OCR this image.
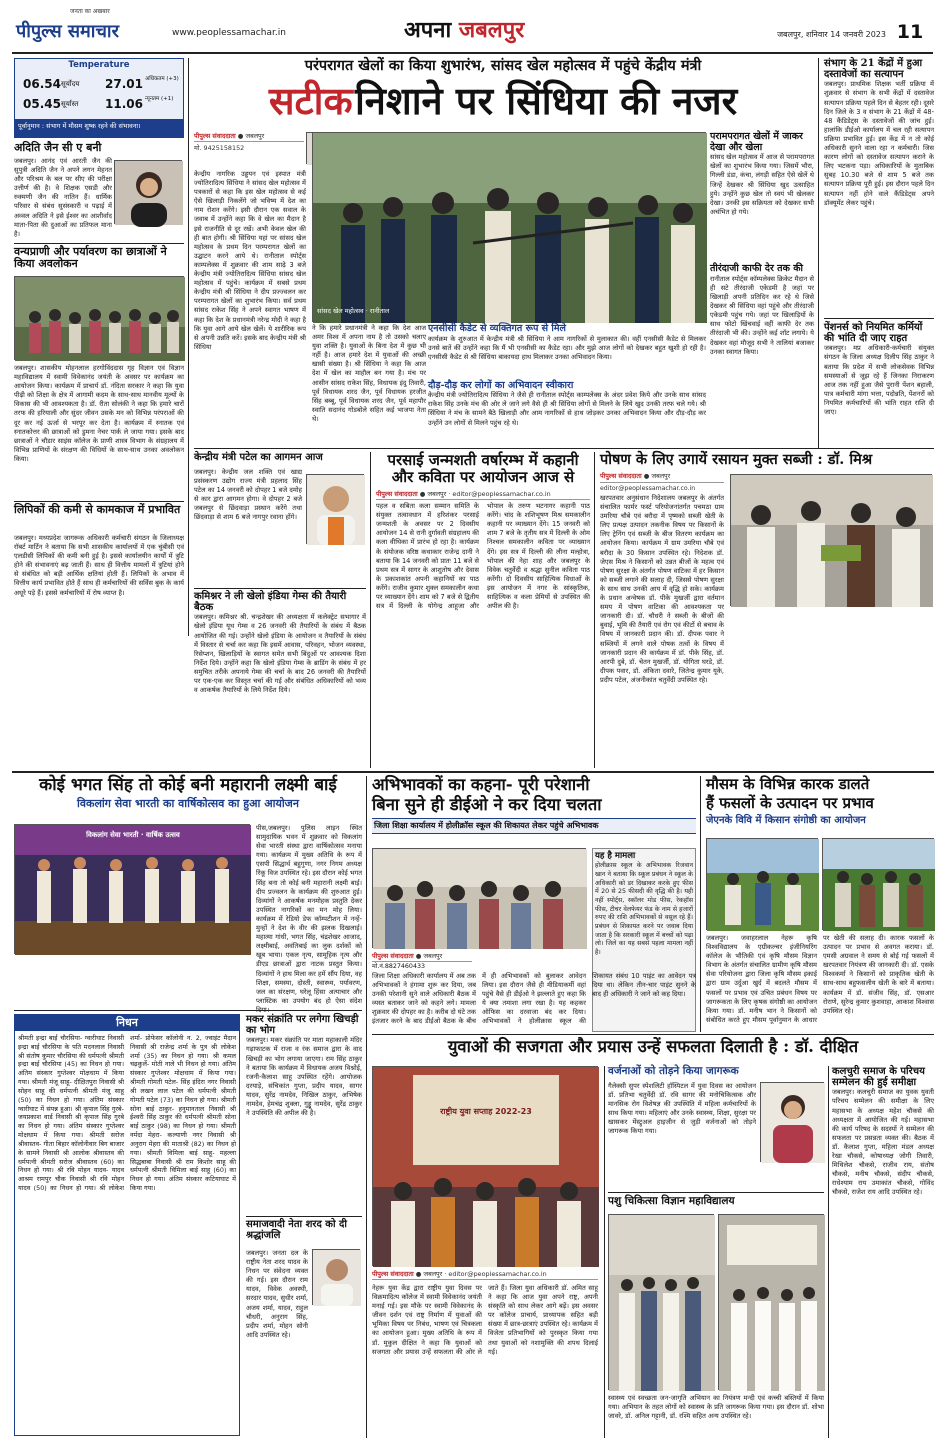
पीपुल्स समाचार
जनता का अखबार
www.peoplessamachar.in	अपना जबलपुर	जबलपुर, शनिवार 14 जनवरी 2023 11
Temperature
06.54 सूर्योदय
05.45 सूर्यास्त
27.01 अधिकतम (+3)
11.06 न्यूनतम (+1)
पूर्वानुमान : संभाग में मौसम शुष्क रहने की संभावना।
अदिति जैन सी ए बनी
जबलपुर। आनंद एवं आरती जैन की सुपुत्री अदिति जैन ने अपने लगन मेहनत और परिश्रम के बल पर सीए की परीक्षा उत्तीर्ण की है। वे शिक्षक एसडी और रुक्मणी जैन की नातिन हैं। धार्मिक परिवार से संबंध सुसंस्कारी व पढ़ाई में अव्वल अदिति ने इसे ईश्वर का आशीर्वाद माता-पिता की दुआओं का प्रतिफल माना है।
वन्यप्राणी और पर्यावरण का छात्राओं ने किया अवलोकन
जबलपुर। शासकीय मोहनलाल हरगोविंददास गृह विज्ञान एवं विज्ञान महाविद्यालय में स्वामी विवेकानंद जयंती के अवसर पर कार्यक्रम का आयोजन किया। कार्यक्रम में प्राचार्य डॉ. नंदिता सरकार ने कहा कि युवा पीढ़ी को शिक्षा के क्षेत्र में आगामी कदम के साथ-साथ मानवीय मूल्यों के विकास की भी आवश्यकता है। डॉ. रीता सोलंकी ने कहा कि हमारे चारों तरफ की हरियाली और सुंदर जीवन उसके मन को विभिन्न परंपराओं की दूर कर नई ऊर्जा से भरपूर कर देता है। कार्यक्रम में स्नातक एवं स्नातकोत्तर की छात्राओं को डुमना नेचर पार्क ले जाया गया। इसके बाद छात्राओं ने चौडार साइंस कॉलेज के प्राणी शास्त्र विभाग के संग्रहालय में विभिन्न प्राणियों के संरक्षण की विधियों के साथ-साथ उनका अवलोकन किया।
लिपिकों की कमी से कामकाज में प्रभावित
जबलपुर। मध्यप्रदेश जागरूक अधिकारी कर्मचारी संगठन के जिलाध्यक्ष रॉबर्ट मार्टिन ने बताया कि सभी शासकीय कार्यालयों में एक चुंबीसी एवं एलडीसी लिपिकों की कमी बनी हुई है। इससे कार्यालयीन कार्यों में त्रुटि होने की संभावनाएं बढ़ जाती हैं। साथ ही वित्तीय मामलों में त्रुटियां होने से संबंधित को बड़ी आर्थिक क्षतियां होती हैं। लिपिकों के अभाव में वित्तीय कार्य प्रभावित होते हैं साथ ही कर्मचारियों की सर्विस बुक के कार्य अधूरे पड़े हैं। इससे कर्मचारियों में रोष व्याप्त है।
परंपरागत खेलों का किया शुभारंभ, सांसद खेल महोत्सव में पहुंचे केंद्रीय मंत्री
सटीक निशाने पर सिंधिया की नजर
पीपुल्स संवाददाता ● जबलपुर
मो. 9425158152
केन्द्रीय नागरिक उड्डयन एवं इस्पात मंत्री ज्योतिरादित्य सिंधिया ने सांसद खेल महोत्सव में पत्रकारों से कहा कि इस खेल महोत्सव से कई ऐसे खिलाड़ी निकलेंगे जो भविष्य में देश का नाम रोशन करेंगे। इसी दौरान एक सवाल के जवाब में उन्होंने कहा कि वे खेल का मैदान है इसे राजनीति से दूर रखें। अभी केवल खेल की ही बात होगी। श्री सिंधिया यहां पर सांसद खेल महोत्सव के प्रथम दिन परम्परागत खेलों का उद्घाटन करने आये थे। रानीताल स्पोर्ट्स काम्पलेक्स में शुक्रवार की शाम साढ़े 3 बजे केन्द्रीय मंत्री ज्योतिरादित्य सिंधिया सांसद खेल महोत्सव में पहुंचे। कार्यक्रम में सबसे प्रथम केन्द्रीय मंत्री श्री सिंधिया ने दीप प्रज्ज्वलन कर परम्परागत खेलों का शुभारंभ किया। सर्व प्रथम सांसद राकेश सिंह ने अपने स्वागत भाषण में कहा कि देश के प्रधानमंत्री नरेन्द्र मोदी ने कहा है कि युवा आगे आये खेल खेलें। ये शारीरिक रूप से अपनी उन्नति करें। इसके बाद केन्द्रीय मंत्री श्री सिंधिया
ने कि हमारे प्रधानमंत्री ने कहा कि देश आज अमर विश्व में अपना नाम है तो उसको चलाए युवा शक्ति है। युवाओं के बिना देश में कुछ भी नहीं है। आज हमारे देश में युवाओं की अच्छी खासी संख्या है। श्री सिंधिया ने कहा कि आज देश में खेल का माहौल बन गया है। मंच पर आसीन सांसद राकेश सिंह, विधायक इंदु तिवारी, पूर्व विधायक शरद जैन, पूर्व विधायक हरजीत सिंह बब्बू, पूर्व विधायक शरद जैन, पूर्व महापौर स्वाति सदानंद गोडबोले सहित कई भाजपा नेता थे।
सांसद खेल महोत्सव · रानीताल
एनसीसी कैडेट से व्यक्तिगत रूप से मिले
कार्यक्रम के शुरुआत में केन्द्रीय मंत्री श्री सिंधिया ने आम नागरिकों से मुलाकात की। वहीं एनसीसी कैडेट से मिलकर उनसे बातें कीं उन्होंने कहा कि मैं भी एनसीसी का कैडेट रहा। और मुझे आज लोगों को देखकर बहुत खुशी हो रही है। एनसीसी कैडेट से श्री सिंधिया बाकायदा हाथ मिलाकर उनका अभिवादन किया।
दौड़-दौड़ कर लोगों का अभिवादन स्वीकारा
केन्द्रीय मंत्री ज्योतिरादित्य सिंधिया ने जैसे ही रानीताल स्पोर्ट्स काम्पलेक्स के अंदर प्रवेश किये और उनके साथ सांसद राकेश सिंह उनके मंच की ओर ले जाने लगे वैसे ही श्री सिंधिया लोगों से मिलने के लिये खुद उनकी तरफ चले गये। श्री सिंधिया ने मंच के सामने बैठे खिलाड़ी और आम नागरिकों से हाथ जोड़कर उनका अभिवादन किया और दौड़-दौड़ कर उन्होंने उन लोगों से मिलने पहुंच रहे थे।
परामपरागत खेलों में जाकर देखा और खेला
सांसद खेल महोत्सव में आज से परामपरागत खेलों का शुभारंभ किया गया। जिसमें भौरा, गिल्ली डंडा, कंचा, लंगड़ी सहित ऐसे खेलें थे जिन्हें देखकर श्री सिंधिया खुद उत्साहित हुये। उन्होंने कुछ खेल तो स्वयं भी खेलकर देखा। उनकी इस सक्रियता को देखकर सभी अचंभित हो गये।
तीरंदाजी काफी देर तक की
रानीताल स्पोर्ट्स कॉम्पलेक्स क्रिकेट मैदान से ही सटे तीरंदाजी एकेडमी है जहां पर खिलाड़ी अपनी प्रतिदिन कर रहे थे जिसे देखकर श्री सिंधिया वहां पहुंचे और तीरंदाजी एकेडमी पहुंच गये। जहां पर खिलाड़ियों के साथ फोटो खिंचवाई वहीं काफी देर तक तीरंदाजी भी की। उन्होंने कई शॉट लगाये। ये देखकर वहां मौजूद सभी ने तालियां बजाकर उनका स्वागत किया।
संभाग के 21 केंद्रों में हुआ दस्तावेजों का सत्यापन
जबलपुर। प्राथमिक शिक्षक भर्ती प्रक्रिया में शुक्रवार से संभाग के सभी केंद्रों में दस्तावेज सत्यापन प्रक्रिया पहले दिन से बेहतर रही। दूसरे दिन जिले के 3 व संभाग के 21 केंद्रों में 48-48 कैंडिडेट्स के दस्तावेजों की जांच हुई। हालांकि डीईओ कार्यालय में चल रही सत्यापन प्रक्रिया प्रभावित हुई। इस केंद्र में न तो कोई अधिकारी सुनने वाला रहा न कर्मचारी। जिस कारण लोगों को दस्तावेज सत्यापन कराने के लिए भटकना पड़ा। अधिकारियों के मुताबिक सुबह 10.30 बजे से शाम 5 बजे तक सत्यापन प्रक्रिया पूरी हुई। इस दौरान पहले दिन सत्यापन नहीं होने वाले कैंडिडेट्स अपने डॉक्यूमेंट लेकर पहुंचे।
पेंशनर्स को नियमित कर्मियों की भांति दी जाए राहत
जबलपुर। मप्र अधिकारी-कर्मचारी संयुक्त संगठन के जिला अध्यक्ष दिलीप सिंह ठाकुर ने बताया कि प्रदेश में सभी लोकसेवक विभिन्न समस्याओं से जूझ रहे हैं जिनका निराकरण आज तक नहीं हुआ जैसे पुरानी पेंशन बहाली, पात्र कर्मचारी मांगा भत्ता, पदोन्नति, पेंशनरों को नियमित कर्मचारियों की भांति राहत राशि दी जाए।
केन्द्रीय मंत्री पटेल का आगमन आज
जबलपुर। केन्द्रीय जल शक्ति एवं खाद्य प्रसंस्करण उद्योग राज्य मंत्री प्रहलाद सिंह पटेल का 14 जनवरी को दोपहर 1 बजे दमोह से कार द्वारा आगमन होगा। वे दोपहर 2 बजे जबलपुर से छिंदवाड़ा प्रस्थान करेंगे तथा छिंदवाड़ा से शाम 6 बजे नागपुर रवाना होंगे।
कमिश्नर ने ली खेलो इंडिया गेम्स की तैयारी बैठक
जबलपुर। कमिश्नर श्री. चन्द्रशेखर की अध्यक्षता में कलेक्ट्रेट सभागार में खेलो इंडिया यूथ गेम्स व 26 जनवरी की तैयारियों के संबंध में बैठक आयोजित की गई। उन्होंने खेलो इंडिया के आयोजन व तैयारियों के संबंध में विस्तार से चर्चा कर कहा कि इसमें आवास, परिवहन, भोजन व्यवस्था, रिसेप्शन, खिलाड़ियों के स्वागत समेत सभी बिंदुओं पर आवश्यक दिशा निर्देश दिये। उन्होंने कहा कि खेलो इंडिया गेम्स के ब्राडिंग के संबंध में हर समुचित तरीके अपनाये गेम्स की चर्चा के बाद 26 जनवरी की तैयारियों पर एक-एक कर विस्तृत चर्चा की गई और संबंधित अधिकारियों को भव्य व आकर्षक तैयारियों के लिये निर्देश दिये।
परसाई जन्मशती वर्षारम्भ में कहानी और कविता पर आयोजन आज से
पीपुल्स संवाददाता ● जबलपुर · editor@peoplessamachar.co.in
पहल व सबिता कला सम्मान समिति के संयुक्त तत्वावधान में हरिशंकर परसाई जन्मशती के अवसर पर 2 दिवसीय आयोजन 14 से रानी दुर्गावती संग्रहालय की कला वीथिका में प्रारंभ हो रहा है। कार्यक्रम के संयोजक वरिष्ठ कथाकार राजेन्द्र दानी ने बताया कि 14 जनवरी को प्रातः 11 बजे से प्रथम सत्र में सागर के आशुतोष और देवास के प्रकाशकांत अपनी कहानियों का पाठ करेंगे। राजीव कुमार शुक्ल समकालीन कथा पर व्याख्यान देंगे। शाम को 7 बजे से द्वितीय सत्र में दिल्ली के योगेन्द्र आहूजा और भोपाल के तरुण भटनागर कहानी पाठ करेंगे। चांद के शशिभूषण मिश्र समकालीन कहानी पर व्याख्यान देंगे। 15 जनवरी को शाम 7 बजे के तृतीय सत्र में दिल्ली के ओम निश्चल समकालीन कविता पर व्याख्यान देंगे। इस सत्र में दिल्ली की लीना मल्होत्रा, भोपाल की नेहा शाह और जबलपुर के विवेक चतुर्वेदी व श्रद्धा सुनील कविता पाठ करेंगी। दो दिवसीय साहित्यिक विधाओं के इस आयोजन में नगर के सांस्कृतिक, साहित्यिक व कला प्रेमियों से उपस्थित की अपील की है।
पोषण के लिए उगायें रसायन मुक्त सब्जी : डॉ. मिश्र
पीपुल्स संवाददाता ● जबलपुर
editor@peoplessamachar.co.in
खरपतवार अनुसंधान निदेशालय जबलपुर के अंतर्गत संचालित फार्मर फर्स्ट परियोजनांतर्गत पचमठा ग्राम उमरिया चौबे एवं बरौदा में पृष्मको सब्जी खेती के लिए प्रत्यक्ष उत्पादन तकनीक विषय पर किसानों के लिए ट्रेनिंग एवं सब्जी के बीज वितरण कार्यक्रम का आयोजन किया। कार्यक्रम में ग्राम उमरिया चौबे एवं बरौदा के 30 किसान उपस्थित रहे। निदेशक डॉ. जेएस मिश्र ने किसानों को उन्नत बीजों के महत्व एवं पोषण सुरक्षा के अंतर्गत पोषण वाटिका में हर किसान को सब्जी लगाने की सलाह दी, जिससे पोषण सुरक्षा के साथ साथ उनकी आय में वृद्धि हो सके। कार्यक्रम के प्रधान अन्वेषक डॉ. पीके मुखर्जी द्वारा वर्तमान समय में पोषण वाटिका की आवश्यकता पर जानकारी दी। डॉ. चौधरी ने सब्जी के बीजों की बुवाई, भूमि की तैयारी एवं रोग एवं कीटों से बचाव के विषय में जानकारी प्रदान की। डॉ. दीपक पवार ने सब्जियों में लगने वाले पोषक तत्वों के विषय में जानकारी प्रदान की कार्यक्रम में डॉ. पीके सिंह, डॉ. आरपी दुबे, डॉ. चेतन मुखर्जी, डॉ. योगिता घरडे, डॉ. दीपक पवार, डॉ. अंकिता दवारे, जितेन्द्र कुमार यूके, प्रदीप पटेल, अंजनीकांत चतुर्वेदी उपस्थित रहे।
कोई भगत सिंह तो कोई बनी महारानी लक्ष्मी बाई
विकलांग सेवा भारती का वार्षिकोत्सव का हुआ आयोजन
विकलांग सेवा भारती · वार्षिक उत्सव
पीस,जबलपुर। पुलिस लाइन स्थित सामुदायिक भवन में शुक्रवार को विकलांग सेवा भारती संस्था द्वारा वार्षिकोत्सव मनाया गया। कार्यक्रम में मुख्य अतिथि के रूप में एसपी सिद्धार्थ बहुगुणा, नगर निगम अध्यक्ष रिंकू विज उपस्थित रहे। इस दौरान कोई भगत सिंह बना तो कोई बनी महारानी लक्ष्मी बाई। दीप प्रज्वलन के कार्यक्रम की शुरुआत हुई। दिव्यांगों ने आकर्षक मनमोहक प्रस्तुति देकर उपस्थित नागरिकों का मन मोह लिया। कार्यक्रम में रेडियो डेफ कॉम्पटीशन में नन्हें-मुन्हों ने देश के वीर की झलक दिखलाई। महात्मा गांधी, भगत सिंह, चंद्रशेखर आजाद, लक्ष्मीबाई, अवंतिबाई का लुक दर्शकों को खूब भाया। एकल नृत्य, सामूहिक नृत्य और डीएड छात्राओं द्वारा नाटक प्रस्तुत किया। दिव्यांगों ने हाथ मिला कर हमें सौंप दिया, वह शिक्षा, समस्या, दोस्ती, स्वास्थ्य, पर्यावरण, जल का संरक्षण, घरेलू हिंसा अत्याचार और प्लास्टिक का उपयोग बंद हो ऐसा संदेश
निधन
श्रीमती इन्द्रा बाई चौरसिया- ग्वारीघाट निवासी इन्द्रा बाई चौरसिया के पति मदनलाल निवासी श्री संतोष कुमार चौरसिया की धर्मपत्नी श्रीमती इन्द्रा बाई चौरसिया (45) का निधन हो गया। अंतिम संस्कार गुप्तेश्वर मोक्षधाम में किया गया। श्रीमती मंजू साहू- दीक्षितपुरा निवासी श्री सोहन साहू की धर्मपत्नी श्रीमती मंजू साहू (50) का निधन हो गया। अंतिम संस्कार ग्वारीघाट में संपन्न हुआ। श्री कृपाल सिंह गुरबे- जयप्रकाश वार्ड निवासी श्री कृपाल सिंह गुरबे का निधन हो गया। अंतिम संस्कार गुप्तेश्वर मोक्षधाम में किया गया। श्रीमती सरोज श्रीवास्तव- गीता बिहार कॉलोनीवार बिग बाजार के सामने निवासी श्री आलोक श्रीवास्तव की धर्मपत्नी श्रीमती सरोज श्रीवास्तव (60) का निधन हो गया। श्री रवि मोहन यादव- यादव आश्रम रामपुर चौक निवासी श्री रवि मोहन यादव (50) का निधन हो गया। श्री लोकेश शर्मा- प्रोफेसर कॉलोनी न. 2, ज्वाइंट मैदान निवासी श्री राजेन्द्र शर्मा के पुत्र श्री लोकेश शर्मा (35) का निधन हो गया। श्री कमल चढ़कुर्ले- मोती नाले भी निधन हो गया। अंतिम संस्कार गुप्तेश्वर मोक्षधाम में किया गया। श्रीमती गोमती पटेल- सिंह इंदिरा नगर निवासी श्री लखन लाल पटेल की धर्मपत्नी श्रीमती गोमती पटेल (73) का निधन हो गया। श्रीमती सोना बाई ठाकुर- हनुमानताल निवासी श्री ईश्वरी सिंह ठाकुर की धर्मपत्नी श्रीमती सोना बाई ठाकुर (98) का निधन हो गया। श्रीमती नर्मदा मेहरा- कल्याणी नगर निवासी श्री अनुराग मेहरा की माताश्री (82) का निधन हो गया। श्रीमती विमिला बाई साहू- महल्ला सिद्धबाबा निवासी श्री राम किशोर साहू की धर्मपत्नी श्रीमती विमिला बाई साहू (60) का निधन हो गया। अंतिम संस्कार कटियाघाट में किया गया।
मकर संक्रांति पर लगेगा खिचड़ी का भोग
जबलपुर। मकर संक्रांति पर माता महाकाली मंदिर गढ़ाफाटक में राजा व रंक समाज द्वारा के वाद खिचड़ी का भोग लगाया जाएगा। राम सिंह ठाकुर ने बताया कि कार्यक्रम में विधायक अजय विश्नोई, रजनी-कैलाश साहू उपस्थित रहेंगे। आयोजक दरयाड़े, संचिकांत गुप्ता, प्रदीप यादव, सागर यादव, सुरेंद्र नामदेव, निखिल ठाकुर, अभिषेक नामदेव, हेमचंद्र शुक्ला, गुड्डू नामदेव, सुरेंद्र ठाकुर ने उपस्थिति की अपील की है।
समाजवादी नेता शरद को दी श्रद्धांजलि
जबलपुर। जनता दल के राष्ट्रीय नेता शरद यादव के निधन पर संवेदना व्यक्त की गई। इस दौरान राम यादव, विवेक अवस्थी, सरदार यादव, सुधीर शर्मा, अजय शर्मा, यादव, राहुल चौधरी, अनुराग सिंह, प्रदीप शर्मा, मोहन सोनी आदि उपस्थित रहे।
अभिभावकों का कहना- पूरी परेशानी
बिना सुने ही डीईओ ने कर दिया चलता
जिला शिक्षा कार्यालय में होलीक्रॉस स्कूल की शिकायत लेकर पहुंचे अभिभावक
यह है मामला
होलीक्रास स्कूल के अभिभावक रिजवान खान ने बताया कि स्कूल प्रबंधन ने स्कूल के अधिकारी को डर दिखाकर करके हुए फीस में 20 से 25 फीसदी की वृद्धि की है। यही नहीं स्पोर्ट्स, स्कॉलर मोड फीस, रेकहॉस फीस, टीचर वेलफेयर फंड के नाम से हजारों रुपए की राशि अभिभावकों से वसूल रहे हैं। प्रबंधन से शिकायत करने पर जवाब दिया जाता है कि सरकारी स्कूल में बच्चों को पढ़ा लो। जिले का यह सबसे पहला मामला नहीं है।
पीपुल्स संवाददाता ● जबलपुर
मो.नं.8827460433
जिला शिक्षा अधिकारी कार्यालय में अब तक अभिभावकों ने हंगामा शुरू कर दिया, जब उनकी परेशानी सुने वाले अधिकारी बैठक में व्यस्त बताकर जाने को कहने लगे। मामला शुक्रवार की दोपहर का है। करीब दो घंटे तक इंतजार करने के बाद डीईओ बैठक के बीच में ही अभिभावकों को बुलाकर आवेदन लिया। इस दौरान जैसे ही मीडियाकर्मी वहां पहुंचे वैसे ही डीईओ ने झल्लाते हुए कहा कि ये क्या तमाशा लगा रखा है। यह कहकर ऑफिस का दरवाजा बंद कर दिया। अभिभावकों ने होलीक्रास स्कूल की
मौसम के विभिन्न कारक डालते
हैं फसलों के उत्पादन पर प्रभाव
जेएनके विवि में किसान संगोष्ठी का आयोजन
जबलपुर। जवाहरलाल नेहरू कृषि विश्वविद्यालय के एग्रीकल्चर इंजीनियरिंग कॉलेज के भौतिकी एवं कृषि मौसम विज्ञान विभाग के अंतर्गत संचालित ग्रामीण कृषि मौसम सेवा परियोजना द्वारा जिला कृषि मौसम इकाई द्वारा ग्राम उर्दुआ खुर्द में बदलते मौसम में फसलों पर प्रभाव एवं उचित प्रबंधन विषय पर जागरूकता के लिए कृषक संगोष्ठी का आयोजन किया गया। डॉ. मनीष भान ने किसानों को संबोधित करते हुए मौसम पूर्वानुमान के आधार पर खेती की सलाह दी। कारक फसलों के उत्पादन पर प्रभाव से अवगत कराया। डॉ. एमसी अग्रवाल ने समय से बोई गई फसलों में खरपतवार नियंत्रण की जानकारी दी। डॉ. एसके विश्वकर्मा ने किसानों को प्राकृतिक खेती के साथ-साथ बहुफसलीय खेती के बारे में बताया। कार्यक्रम में डॉ. संजीव सिंह, डॉ. एसआर रोराणे, सुरेन्द्र कुमार कुशवाहा, आकाश विश्वास उपस्थित रहे।
युवाओं की सजगता और प्रयास उन्हें सफलता दिलाती है : डॉ. दीक्षित
राष्ट्रीय युवा सप्ताह 2022-23
पीपुल्स संवाददाता ● जबलपुर · editor@peoplessamachar.co.in
नेहरू युवा केंद्र द्वारा राष्ट्रीय युवा दिवस पर विक्रमादित्य कॉलेज में स्वामी विवेकानंद जयंती मनाई गई। इस मौके पर स्वामी विवेकानंद के जीवन दर्शन एवं राष्ट्र निर्माण में युवाओं की भूमिका विषय पर निबंध, भाषण एवं चित्रकला का आयोजन हुआ। मुख्य अतिथि के रूप में डॉ. मुकुल दीक्षित ने कहा कि युवाओं को सजगता और प्रयास उन्हें सफलता की ओर ले जाते हैं। जिला युवा अधिकारी डॉ. अमित साहू ने कहा कि आज युवा अपने राष्ट्र, अपनी संस्कृति को साथ लेकर आगे बढ़ें। इस अवसर पर कॉलेज प्राचार्य, प्राध्यापक सहित बड़ी संख्या में छात्र-छात्राएं उपस्थित रहे। कार्यक्रम में विजेता प्रतिभागियों को पुरस्कृत किया गया तथा युवाओं को नशामुक्ति की शपथ दिलाई गई।
वर्जनाओं को तोड़ने किया जागरूक
गैलेक्सी सुपर स्पेशलिटी हॉस्पिटल में युवा दिवस का आयोजन डॉ. प्रतिभा चतुर्वेदी डॉ. रवि सागर की मनोचिकित्सक और मानसिक रोग विशेषज्ञ की उपस्थिति में महिला कर्मचारियों के साथ किया गया। महिलाएं और उनके स्वास्थ्य, शिक्षा, सुरक्षा पर खासकर मेंस्ट्रुअल हाइजीन से जुड़ी वर्जनाओं को तोड़ने जागरूक किया गया।
पशु चिकित्सा विज्ञान महाविद्यालय
स्वास्थ्य एवं स्वच्छता जन-जागृति अभियान का नियंत्रण मन्दी एवं कच्ची बस्तियों में किया गया। अभियान के तहत लोगों को स्वास्थ्य के प्रति जागरूक किया गया। इस दौरान डॉ. शोभा जावरे, डॉ. अनिल गट्टानी, डॉ. रश्मि सहित अन्य उपस्थित रहे।
कलचुरी समाज के परिचय सम्मेलन की हुई समीक्षा
जबलपुर। कलचुरी समाज का युवक युवती परिचय सम्मेलन की समीक्षा के लिए महासभा के अध्यक्ष महेश चौकसे की अध्यक्षता में आयोजित की गई। महासभा की कार्य परिषद के सदस्यों ने सम्मेलन की सफलता पर प्रसन्नता व्यक्त की। बैठक में डॉ. कैलाश गुप्ता, महिला मंडल अध्यक्ष रेखा चौकसे, कोषाध्यक्ष जोगी तिवारी, मिथिलेश चौकसे, राजीव राय, संतोष चौकसे, मनीष चौकसे, संदीप चौकसे, राधेश्याम राय उमाकांत चौकसे, गोविंद चौकसे, राजेश राय आदि उपस्थित रहे।
